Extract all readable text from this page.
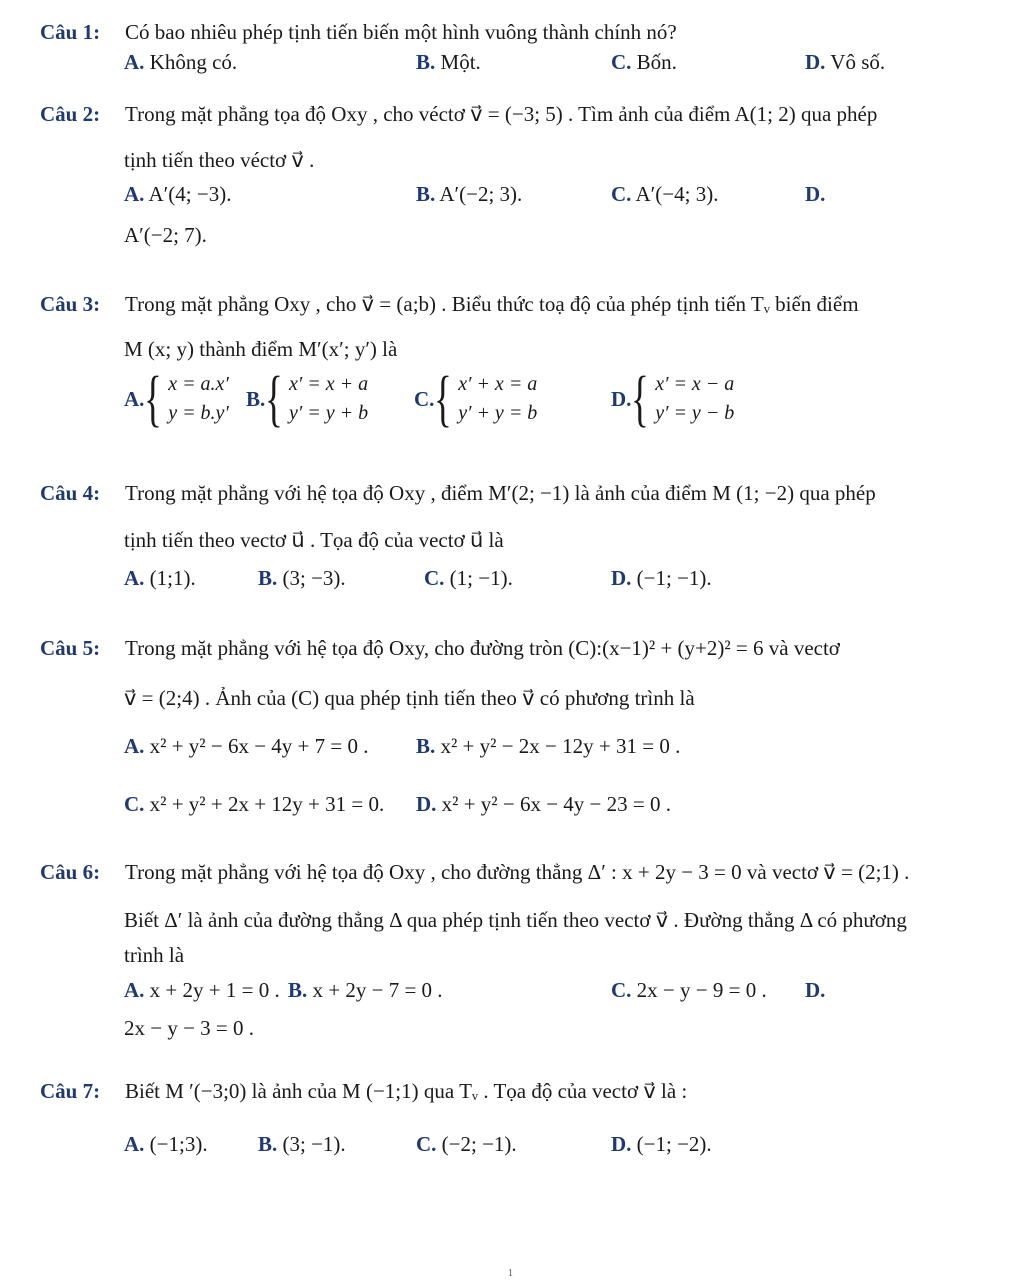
Câu 1: Có bao nhiêu phép tịnh tiến biến một hình vuông thành chính nó?
A. Không có.	B. Một.	C. Bốn.	D. Vô số.
Câu 2: Trong mặt phẳng tọa độ Oxy , cho véctơ v⃗ = (−3; 5) . Tìm ảnh của điểm A(1; 2) qua phép
tịnh tiến theo véctơ v⃗ .
A. A′(4; −3).	B. A′(−2; 3).	C. A′(−4; 3).	D.
A′(−2; 7).
Câu 3: Trong mặt phẳng Oxy , cho v⃗ = (a;b) . Biểu thức toạ độ của phép tịnh tiến Tᵥ biến điểm
M (x; y) thành điểm M′(x′; y′) là
A. { x = a.x′
y = b.y′
B. { x′ = x + a
y′ = y + b
C. { x′ + x = a
y′ + y = b
D. { x′ = x − a
y′ = y − b
Câu 4: Trong mặt phẳng với hệ tọa độ Oxy , điểm M′(2; −1) là ảnh của điểm M (1; −2) qua phép
tịnh tiến theo vectơ u⃗ . Tọa độ của vectơ u⃗ là
A. (1;1).	B. (3; −3).	C. (1; −1).	D. (−1; −1).
Câu 5: Trong mặt phẳng với hệ tọa độ Oxy, cho đường tròn (C):(x−1)² + (y+2)² = 6 và vectơ
v⃗ = (2;4) . Ảnh của (C) qua phép tịnh tiến theo v⃗ có phương trình là
A. x² + y² − 6x − 4y + 7 = 0 . B. x² + y² − 2x − 12y + 31 = 0 .
C. x² + y² + 2x + 12y + 31 = 0. D. x² + y² − 6x − 4y − 23 = 0 .
Câu 6: Trong mặt phẳng với hệ tọa độ Oxy , cho đường thẳng Δ′ : x + 2y − 3 = 0 và vectơ v⃗ = (2;1) .
Biết Δ′ là ảnh của đường thẳng Δ qua phép tịnh tiến theo vectơ v⃗ . Đường thẳng Δ có phương
trình là
A. x + 2y + 1 = 0 . B. x + 2y − 7 = 0 .	C. 2x − y − 9 = 0 . D.
2x − y − 3 = 0 .
Câu 7: Biết M ′(−3;0) là ảnh của M (−1;1) qua Tᵥ . Tọa độ của vectơ v⃗ là :
A. (−1;3). B. (3; −1).	C. (−2; −1).	D. (−1; −2).
1
